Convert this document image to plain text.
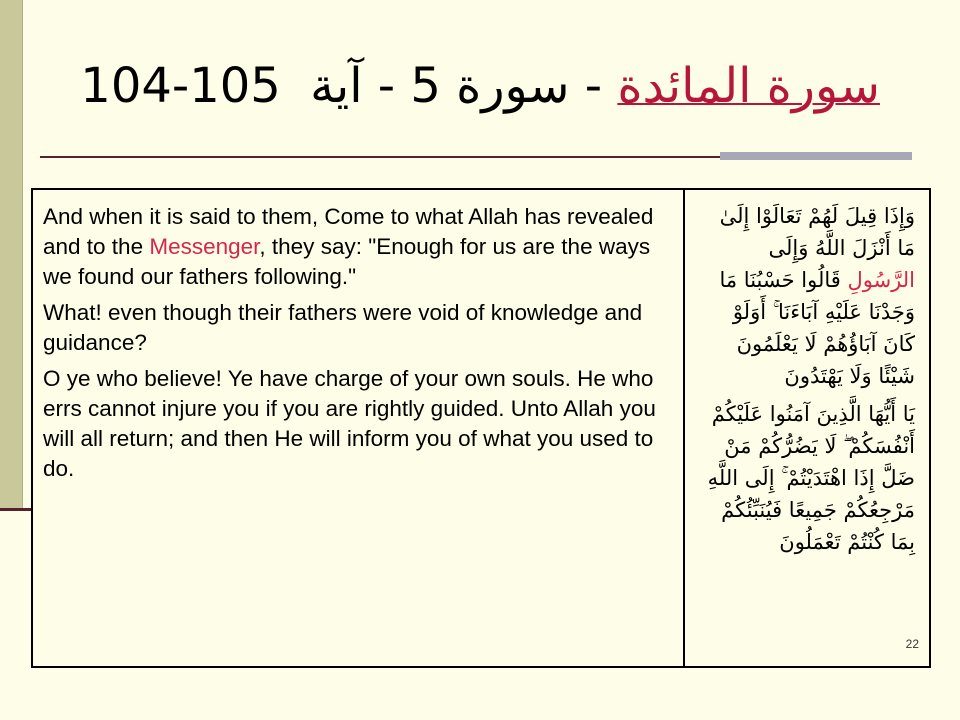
سورة المائدة - سورة 5 - آية 104-105

And when it is said to them, Come to what Allah has revealed and to the Messenger, they say: "Enough for us are the ways we found our fathers following."

What! even though their fathers were void of knowledge and guidance?

O ye who believe! Ye have charge of your own souls. He who errs cannot injure you if you are rightly guided. Unto Allah you will all return; and then He will inform you of what you used to do.

وَإِذَا قِيلَ لَهُمْ تَعَالَوْا إِلَىٰ مَا أَنْزَلَ اللَّهُ وَإِلَى الرَّسُولِ قَالُوا حَسْبُنَا مَا وَجَدْنَا عَلَيْهِ آبَاءَنَا ۚ أَوَلَوْ كَانَ آبَاؤُهُمْ لَا يَعْلَمُونَ شَيْئًا وَلَا يَهْتَدُونَ

يَا أَيُّهَا الَّذِينَ آمَنُوا عَلَيْكُمْ أَنْفُسَكُمْ ۖ لَا يَضُرُّكُمْ مَنْ ضَلَّ إِذَا اهْتَدَيْتُمْ ۚ إِلَى اللَّهِ مَرْجِعُكُمْ جَمِيعًا فَيُنَبِّئُكُمْ بِمَا كُنْتُمْ تَعْمَلُونَ

22
